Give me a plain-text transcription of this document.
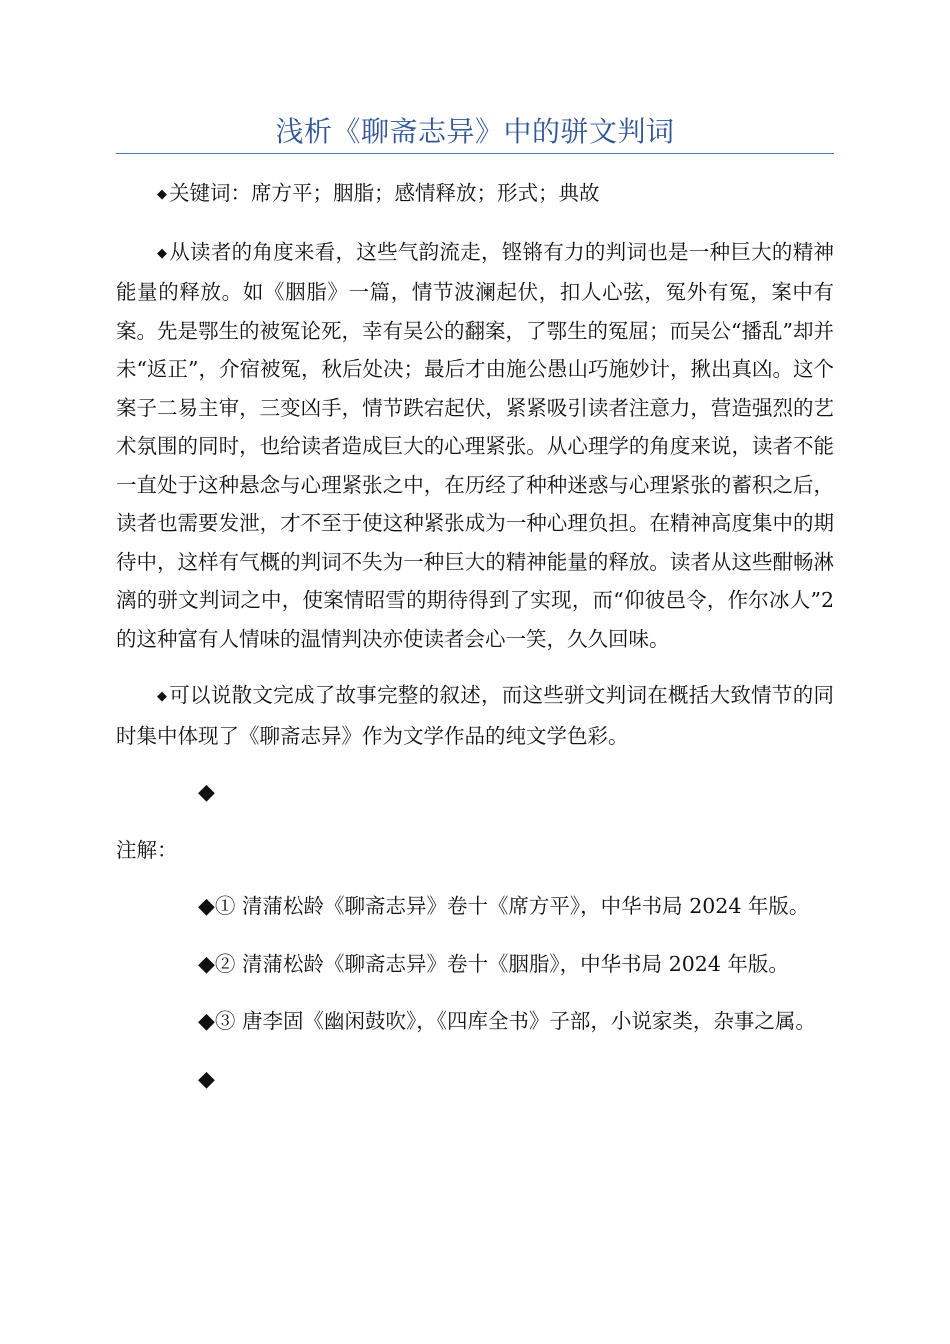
浅析《聊斋志异》中的骈文判词

◆关键词：席方平；胭脂；感情释放；形式；典故

◆从读者的角度来看，这些气韵流走，铿锵有力的判词也是一种巨大的精神能量的释放。如《胭脂》一篇，情节波澜起伏，扣人心弦，冤外有冤，案中有案。先是鄂生的被冤论死，幸有吴公的翻案，了鄂生的冤屈；而吴公“播乱”却并未“返正”，介宿被冤，秋后处决；最后才由施公愚山巧施妙计，揪出真凶。这个案子二易主审，三变凶手，情节跌宕起伏，紧紧吸引读者注意力，营造强烈的艺术氛围的同时，也给读者造成巨大的心理紧张。从心理学的角度来说，读者不能一直处于这种悬念与心理紧张之中，在历经了种种迷惑与心理紧张的蓄积之后，读者也需要发泄，才不至于使这种紧张成为一种心理负担。在精神高度集中的期待中，这样有气概的判词不失为一种巨大的精神能量的释放。读者从这些酣畅淋漓的骈文判词之中，使案情昭雪的期待得到了实现，而“仰彼邑令，作尔冰人”2的这种富有人情味的温情判决亦使读者会心一笑，久久回味。

◆可以说散文完成了故事完整的叙述，而这些骈文判词在概括大致情节的同时集中体现了《聊斋志异》作为文学作品的纯文学色彩。

◆

注解：

◆① 清蒲松龄《聊斋志异》卷十《席方平》，中华书局 2024 年版。

◆② 清蒲松龄《聊斋志异》卷十《胭脂》，中华书局 2024 年版。

◆③ 唐李固《幽闲鼓吹》，《四库全书》子部，小说家类，杂事之属。

◆
